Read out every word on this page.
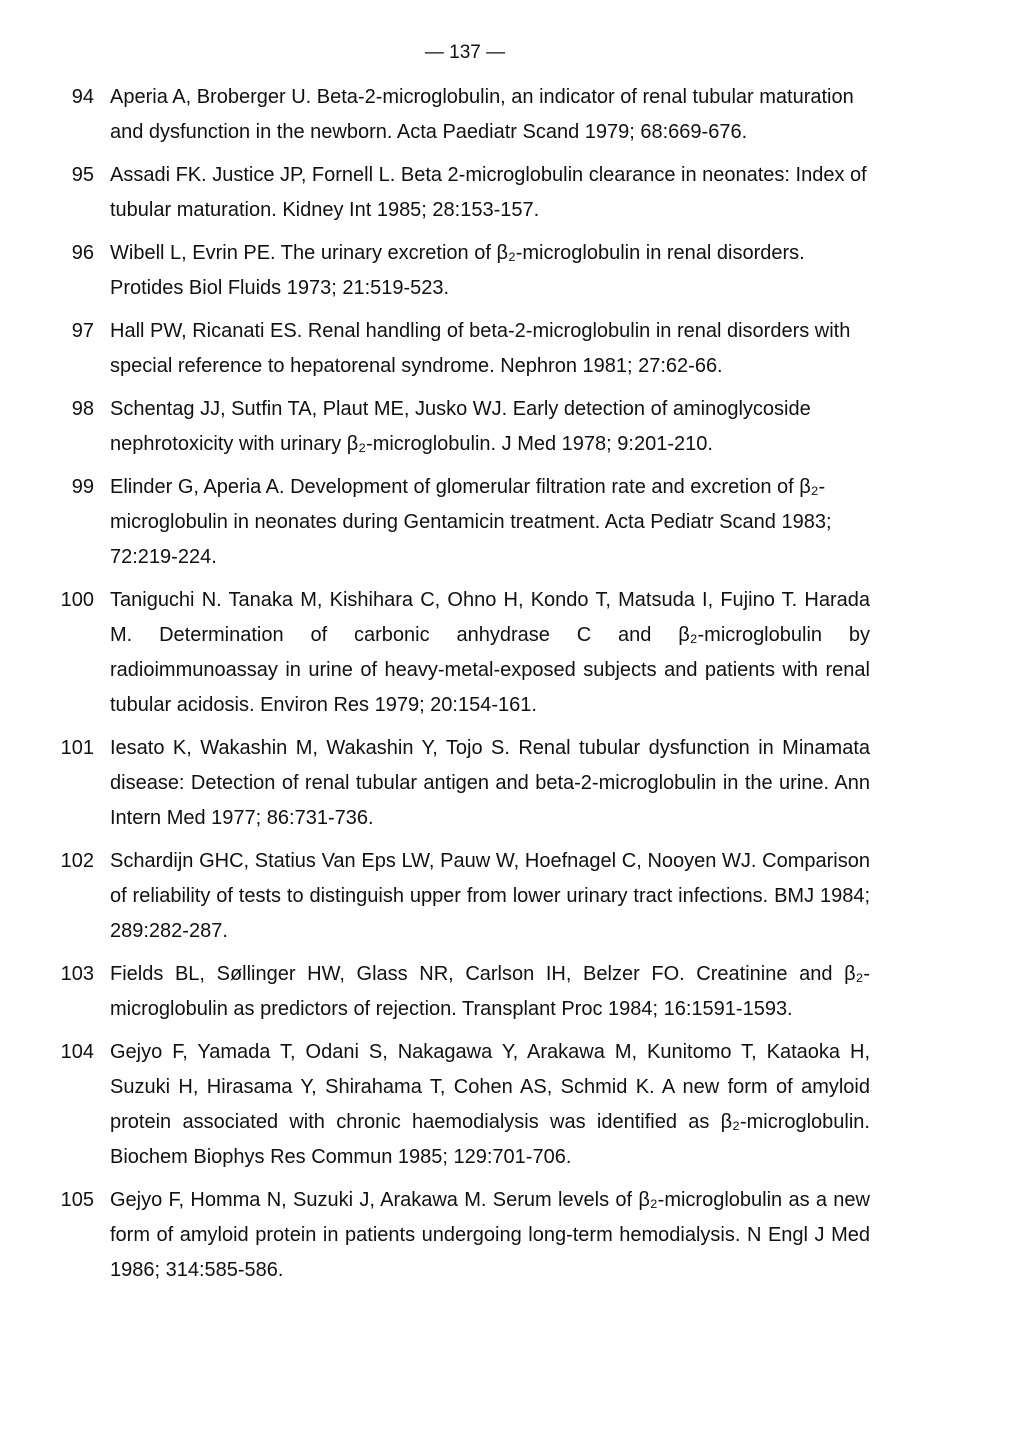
— 137 —
94 Aperia A, Broberger U. Beta-2-microglobulin, an indicator of renal tubular maturation and dysfunction in the newborn. Acta Paediatr Scand 1979; 68:669-676.
95 Assadi FK. Justice JP, Fornell L. Beta 2-microglobulin clearance in neonates: Index of tubular maturation. Kidney Int 1985; 28:153-157.
96 Wibell L, Evrin PE. The urinary excretion of β₂-microglobulin in renal disorders. Protides Biol Fluids 1973; 21:519-523.
97 Hall PW, Ricanati ES. Renal handling of beta-2-microglobulin in renal disorders with special reference to hepatorenal syndrome. Nephron 1981; 27:62-66.
98 Schentag JJ, Sutfin TA, Plaut ME, Jusko WJ. Early detection of aminoglycoside nephrotoxicity with urinary β₂-microglobulin. J Med 1978; 9:201-210.
99 Elinder G, Aperia A. Development of glomerular filtration rate and excretion of β₂-microglobulin in neonates during Gentamicin treatment. Acta Pediatr Scand 1983; 72:219-224.
100 Taniguchi N. Tanaka M, Kishihara C, Ohno H, Kondo T, Matsuda I, Fujino T. Harada M. Determination of carbonic anhydrase C and β₂-microglobulin by radioimmunoassay in urine of heavy-metal-exposed subjects and patients with renal tubular acidosis. Environ Res 1979; 20:154-161.
101 Iesato K, Wakashin M, Wakashin Y, Tojo S. Renal tubular dysfunction in Minamata disease: Detection of renal tubular antigen and beta-2-microglobulin in the urine. Ann Intern Med 1977; 86:731-736.
102 Schardijn GHC, Statius Van Eps LW, Pauw W, Hoefnagel C, Nooyen WJ. Comparison of reliability of tests to distinguish upper from lower urinary tract infections. BMJ 1984; 289:282-287.
103 Fields BL, Søllinger HW, Glass NR, Carlson IH, Belzer FO. Creatinine and β₂-microglobulin as predictors of rejection. Transplant Proc 1984; 16:1591-1593.
104 Gejyo F, Yamada T, Odani S, Nakagawa Y, Arakawa M, Kunitomo T, Kataoka H, Suzuki H, Hirasama Y, Shirahama T, Cohen AS, Schmid K. A new form of amyloid protein associated with chronic haemodialysis was identified as β₂-microglobulin. Biochem Biophys Res Commun 1985; 129:701-706.
105 Gejyo F, Homma N, Suzuki J, Arakawa M. Serum levels of β₂-microglobulin as a new form of amyloid protein in patients undergoing long-term hemodialysis. N Engl J Med 1986; 314:585-586.
